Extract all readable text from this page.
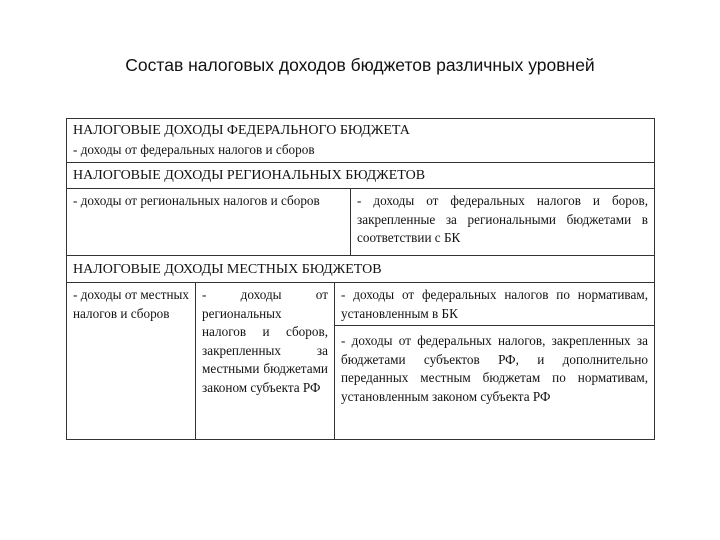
Состав налоговых доходов бюджетов различных уровней

НАЛОГОВЫЕ ДОХОДЫ ФЕДЕРАЛЬНОГО БЮДЖЕТА

- доходы от федеральных налогов и сборов

НАЛОГОВЫЕ ДОХОДЫ РЕГИОНАЛЬНЫХ БЮДЖЕТОВ

- доходы от региональных налогов и сборов	- доходы от федеральных налогов и боров, закрепленные за региональными бюджетами в соответствии с БК

НАЛОГОВЫЕ ДОХОДЫ МЕСТНЫХ БЮДЖЕТОВ

- доходы от местных налогов и сборов

- доходы от региональных налогов и сборов, закрепленных за местными бюджетами законом субъекта РФ

- доходы от федеральных налогов по нормативам, установленным в БК

- доходы от федеральных налогов, закрепленных за бюджетами субъектов РФ, и дополнительно переданных местным бюджетам по нормативам, установленным законом субъекта РФ
